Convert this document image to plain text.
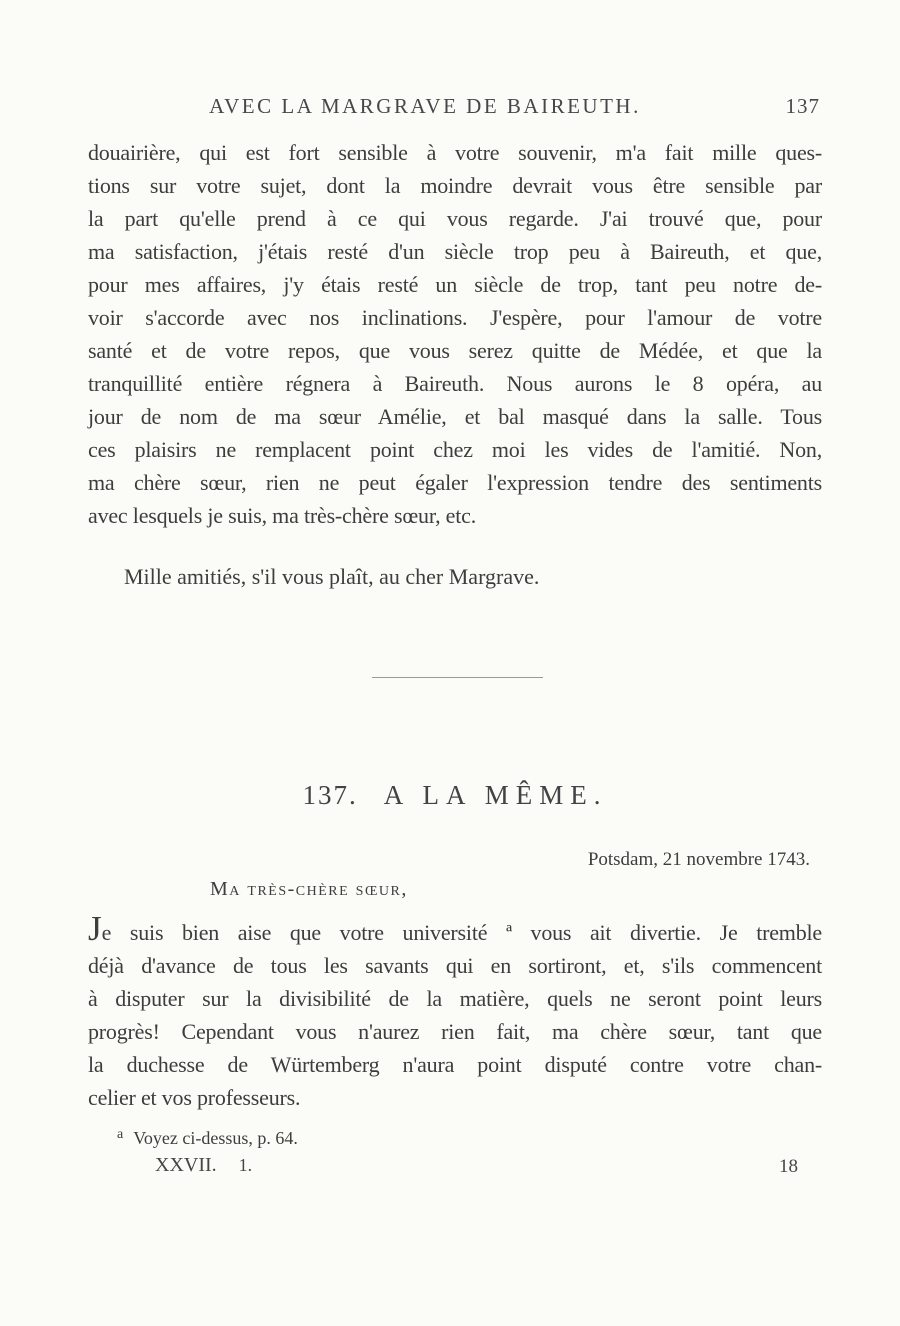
AVEC LA MARGRAVE DE BAIREUTH.	137
douairière, qui est fort sensible à votre souvenir, m'a fait mille ques-
tions sur votre sujet, dont la moindre devrait vous être sensible par
la part qu'elle prend à ce qui vous regarde. J'ai trouvé que, pour
ma satisfaction, j'étais resté d'un siècle trop peu à Baireuth, et que,
pour mes affaires, j'y étais resté un siècle de trop, tant peu notre de-
voir s'accorde avec nos inclinations. J'espère, pour l'amour de votre
santé et de votre repos, que vous serez quitte de Médée, et que la
tranquillité entière régnera à Baireuth. Nous aurons le 8 opéra, au
jour de nom de ma sœur Amélie, et bal masqué dans la salle. Tous
ces plaisirs ne remplacent point chez moi les vides de l'amitié. Non,
ma chère sœur, rien ne peut égaler l'expression tendre des sentiments
avec lesquels je suis, ma très-chère sœur, etc.
Mille amitiés, s'il vous plaît, au cher Margrave.
137. A LA MÊME.
Potsdam, 21 novembre 1743.
Ma très-chère sœur,
Je suis bien aise que votre université ª vous ait divertie. Je tremble
déjà d'avance de tous les savants qui en sortiront, et, s'ils commencent
à disputer sur la divisibilité de la matière, quels ne seront point leurs
progrès! Cependant vous n'aurez rien fait, ma chère sœur, tant que
la duchesse de Würtemberg n'aura point disputé contre votre chan-
celier et vos professeurs.
$^a$ Voyez ci-dessus, p. 64.
XXVII. 1.	18
